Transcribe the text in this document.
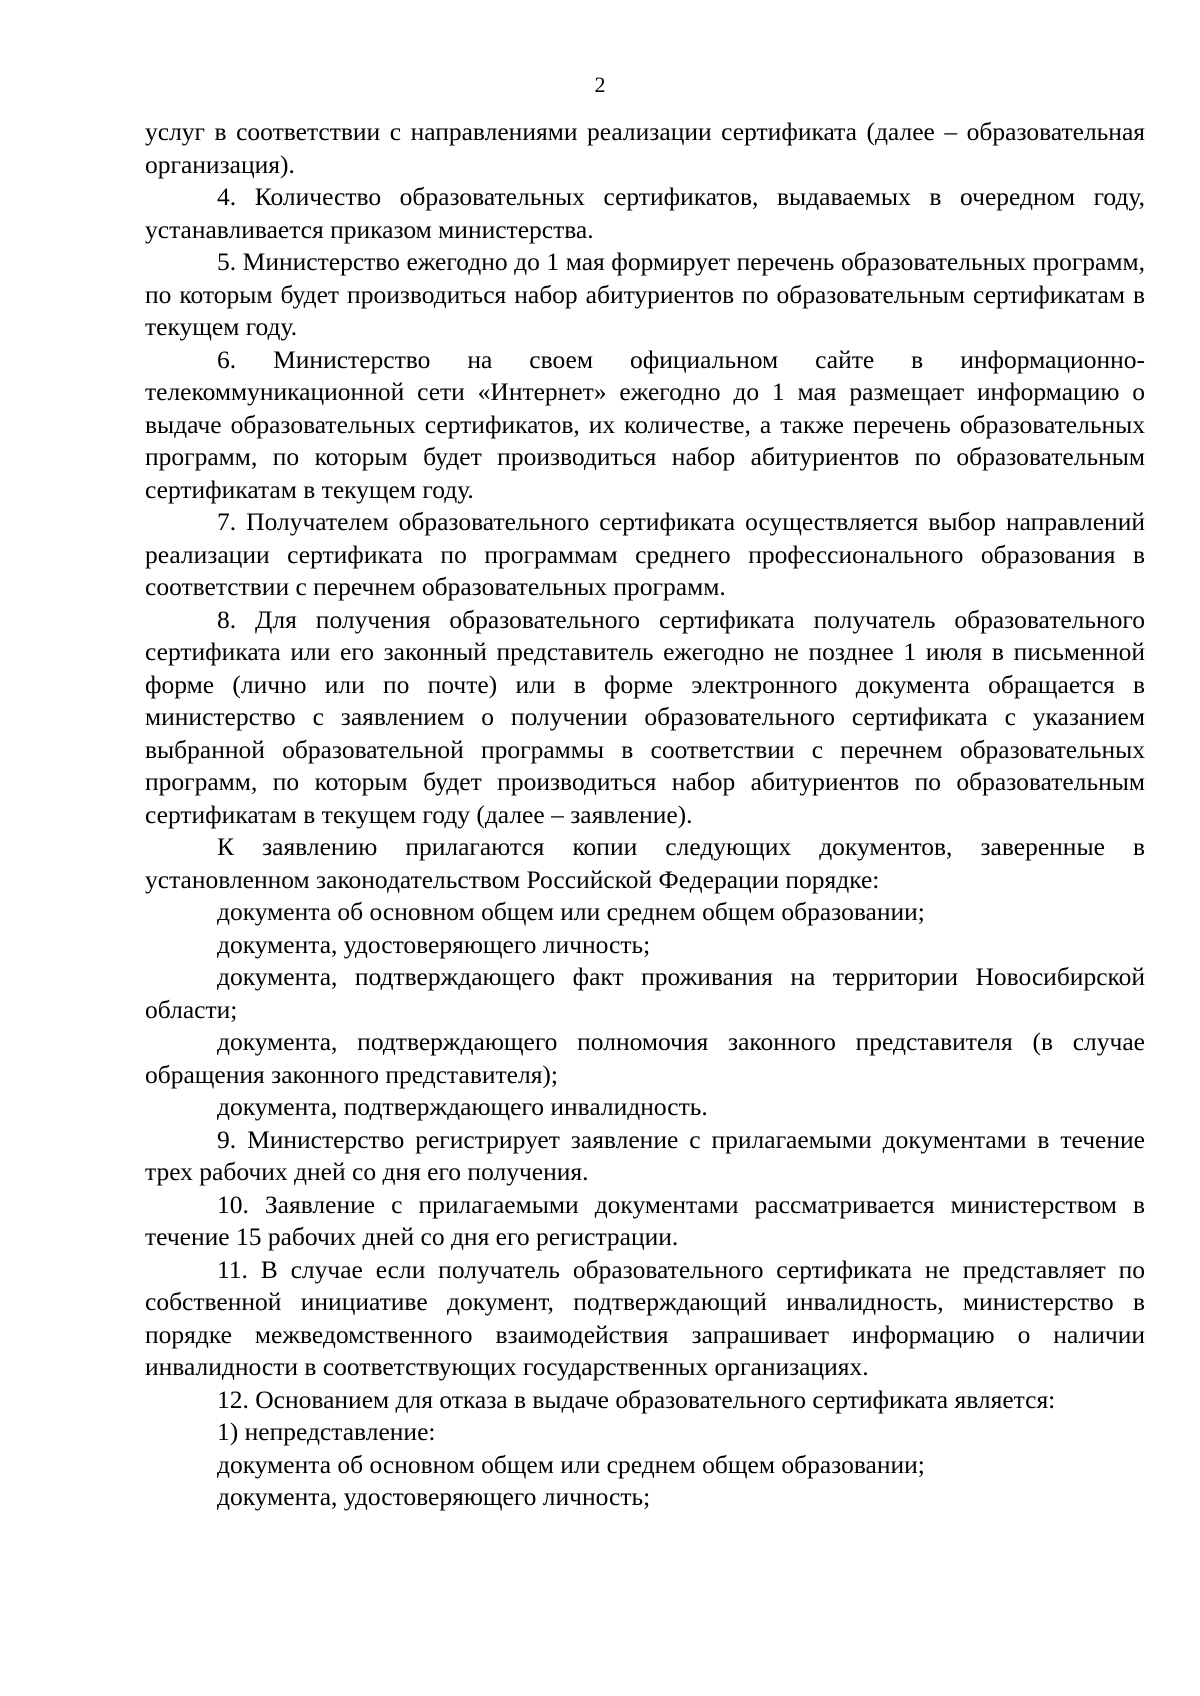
2

услуг в соответствии с направлениями реализации сертификата (далее – образовательная организация).

4. Количество образовательных сертификатов, выдаваемых в очередном году, устанавливается приказом министерства.

5. Министерство ежегодно до 1 мая формирует перечень образовательных программ, по которым будет производиться набор абитуриентов по образовательным сертификатам в текущем году.

6. Министерство на своем официальном сайте в информационно-телекоммуникационной сети «Интернет» ежегодно до 1 мая размещает информацию о выдаче образовательных сертификатов, их количестве, а также перечень образовательных программ, по которым будет производиться набор абитуриентов по образовательным сертификатам в текущем году.

7. Получателем образовательного сертификата осуществляется выбор направлений реализации сертификата по программам среднего профессионального образования в соответствии с перечнем образовательных программ.

8. Для получения образовательного сертификата получатель образовательного сертификата или его законный представитель ежегодно не позднее 1 июля в письменной форме (лично или по почте) или в форме электронного документа обращается в министерство с заявлением о получении образовательного сертификата с указанием выбранной образовательной программы в соответствии с перечнем образовательных программ, по которым будет производиться набор абитуриентов по образовательным сертификатам в текущем году (далее – заявление).

К заявлению прилагаются копии следующих документов, заверенные в установленном законодательством Российской Федерации порядке:

документа об основном общем или среднем общем образовании;

документа, удостоверяющего личность;

документа, подтверждающего факт проживания на территории Новосибирской области;

документа, подтверждающего полномочия законного представителя (в случае обращения законного представителя);

документа, подтверждающего инвалидность.

9. Министерство регистрирует заявление с прилагаемыми документами в течение трех рабочих дней со дня его получения.

10. Заявление с прилагаемыми документами рассматривается министерством в течение 15 рабочих дней со дня его регистрации.

11. В случае если получатель образовательного сертификата не представляет по собственной инициативе документ, подтверждающий инвалидность, министерство в порядке межведомственного взаимодействия запрашивает информацию о наличии инвалидности в соответствующих государственных организациях.

12. Основанием для отказа в выдаче образовательного сертификата является:

1) непредставление:

документа об основном общем или среднем общем образовании;

документа, удостоверяющего личность;
